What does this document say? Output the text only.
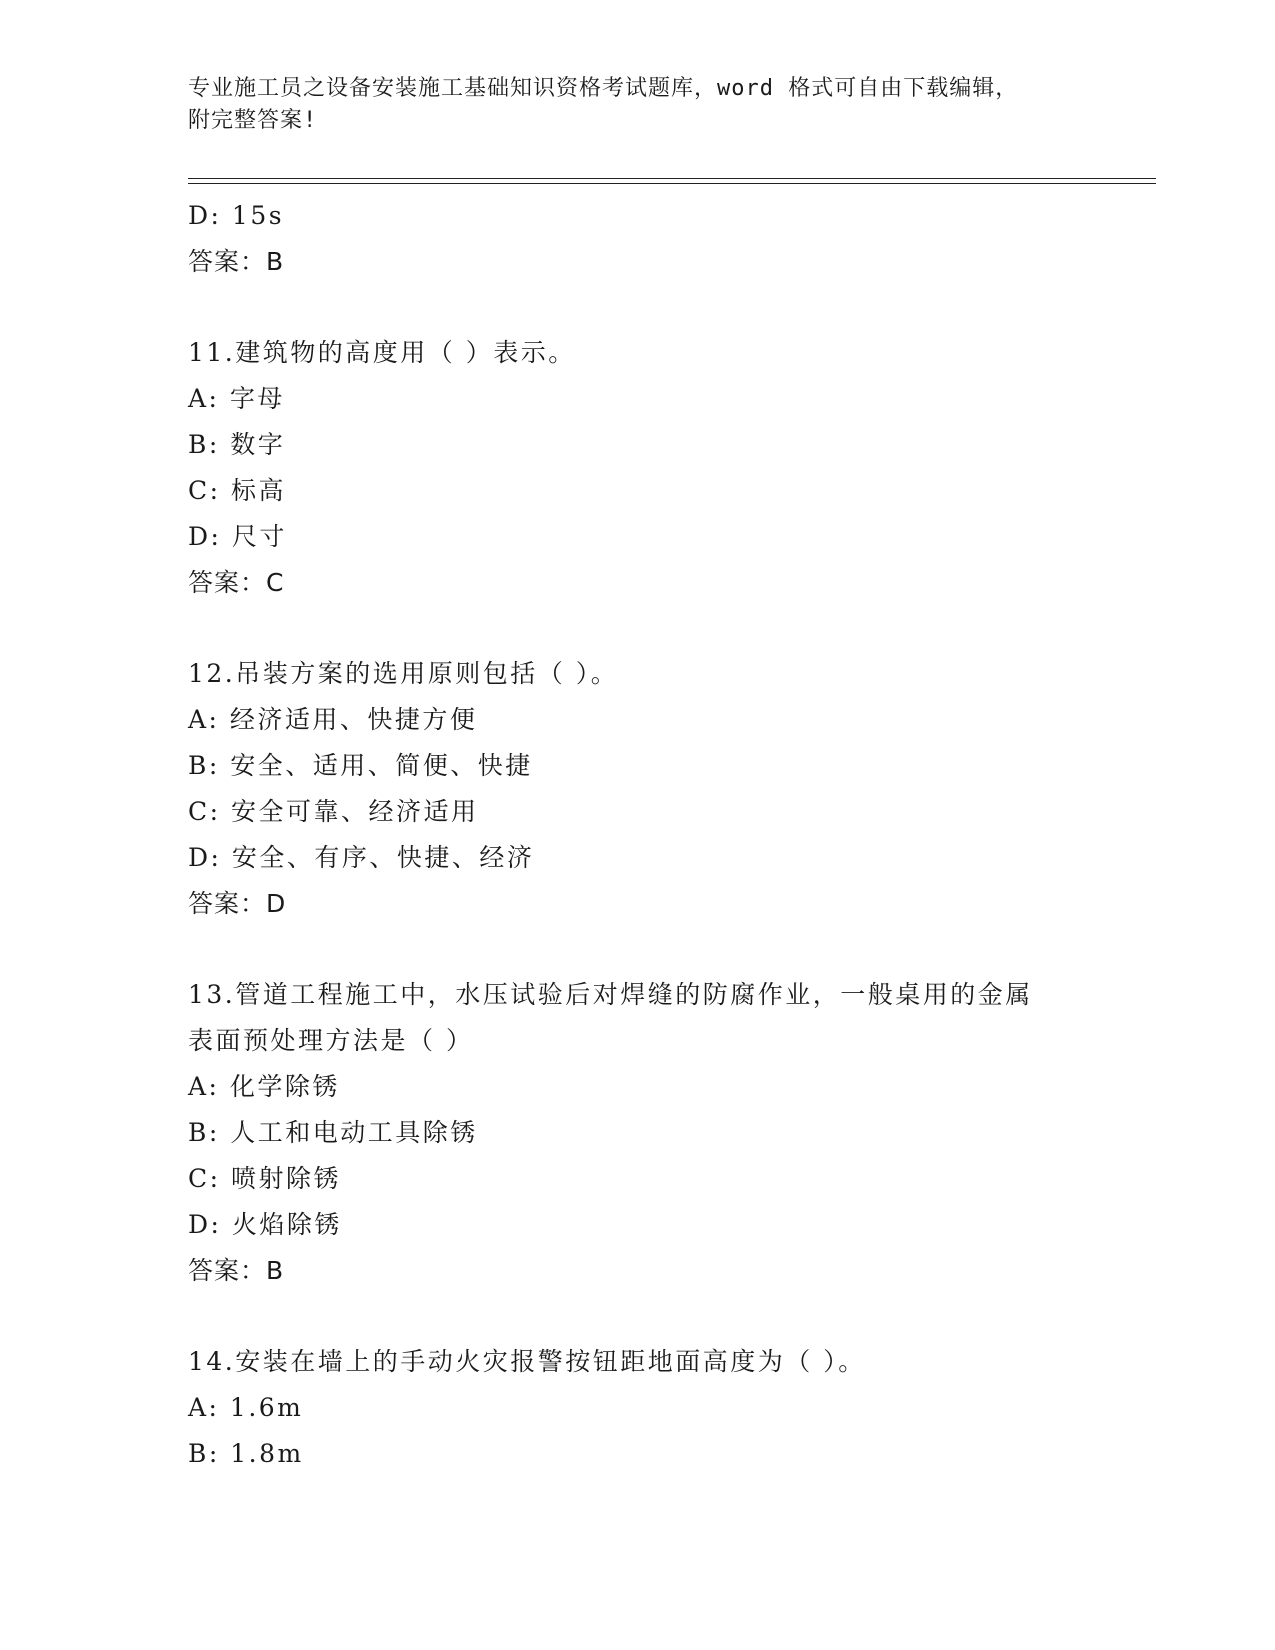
专业施工员之设备安装施工基础知识资格考试题库，word 格式可自由下载编辑，
附完整答案!
D: 15s
答案：B
11.建筑物的高度用（ ）表示。
A: 字母
B: 数字
C: 标高
D: 尺寸
答案：C
12.吊装方案的选用原则包括（ ）。
A: 经济适用、快捷方便
B: 安全、适用、简便、快捷
C: 安全可靠、经济适用
D: 安全、有序、快捷、经济
答案：D
13.管道工程施工中，水压试验后对焊缝的防腐作业，一般桌用的金属
表面预处理方法是（ ）
A: 化学除锈
B: 人工和电动工具除锈
C: 喷射除锈
D: 火焰除锈
答案：B
14.安装在墙上的手动火灾报警按钮距地面高度为（ ）。
A: 1.6m
B: 1.8m
